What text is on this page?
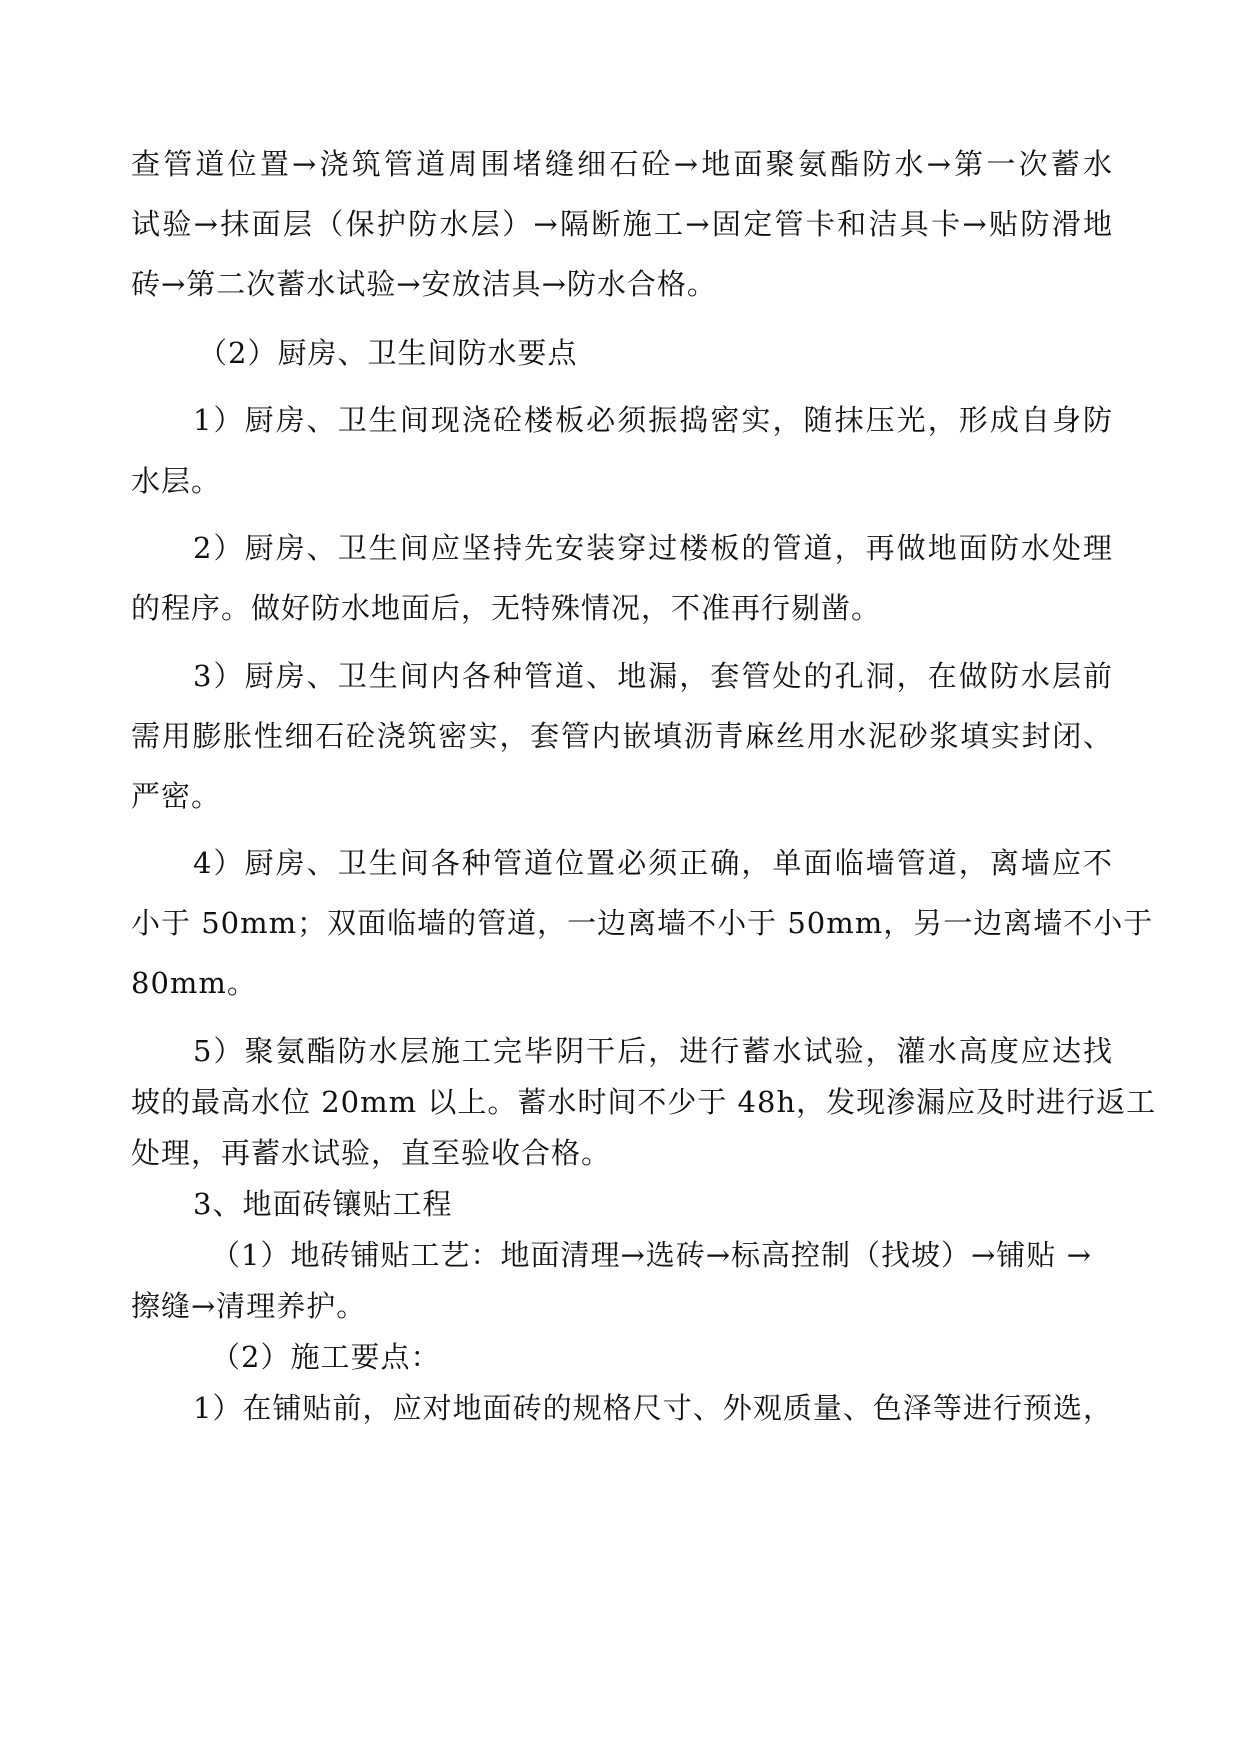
查管道位置→浇筑管道周围堵缝细石砼→地面聚氨酯防水→第一次蓄水
试验→抹面层（保护防水层）→隔断施工→固定管卡和洁具卡→贴防滑地
砖→第二次蓄水试验→安放洁具→防水合格。
（2）厨房、卫生间防水要点
1）厨房、卫生间现浇砼楼板必须振捣密实，随抹压光，形成自身防
水层。
2）厨房、卫生间应坚持先安装穿过楼板的管道，再做地面防水处理
的程序。做好防水地面后，无特殊情况，不准再行剔凿。
3）厨房、卫生间内各种管道、地漏，套管处的孔洞，在做防水层前
需用膨胀性细石砼浇筑密实，套管内嵌填沥青麻丝用水泥砂浆填实封闭、
严密。
4）厨房、卫生间各种管道位置必须正确，单面临墙管道，离墙应不
小于 50mm；双面临墙的管道，一边离墙不小于 50mm，另一边离墙不小于
80mm。
5）聚氨酯防水层施工完毕阴干后，进行蓄水试验，灌水高度应达找
坡的最高水位 20mm 以上。蓄水时间不少于 48h，发现渗漏应及时进行返工
处理，再蓄水试验，直至验收合格。
3、地面砖镶贴工程
（1）地砖铺贴工艺：地面清理→选砖→标高控制（找坡）→铺贴 →
擦缝→清理养护。
（2）施工要点：
1）在铺贴前，应对地面砖的规格尺寸、外观质量、色泽等进行预选，
